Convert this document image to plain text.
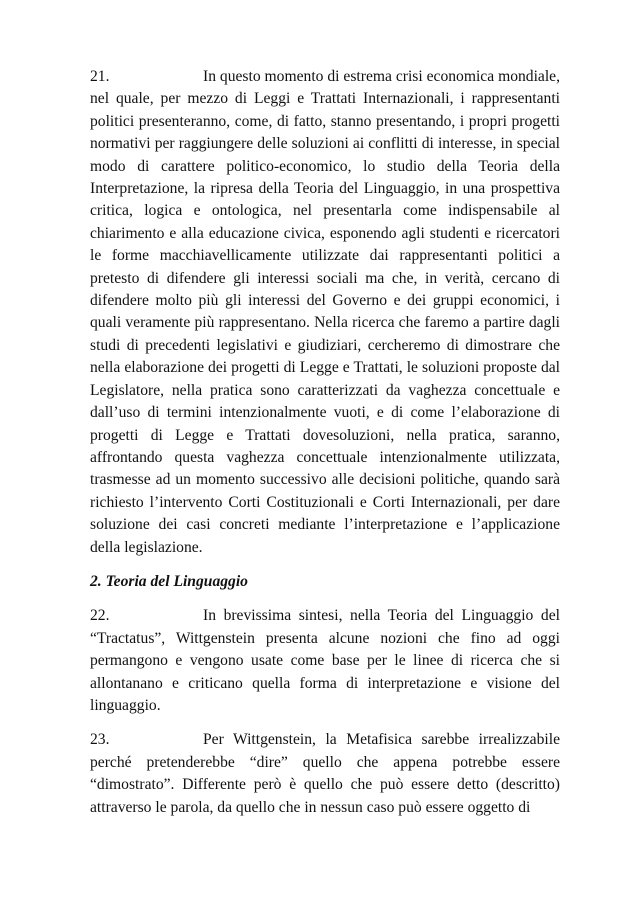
21.	In questo momento di estrema crisi economica mondiale, nel quale, per mezzo di Leggi e Trattati Internazionali, i rappresentanti politici presenteranno, come, di fatto, stanno presentando, i propri progetti normativi per raggiungere delle soluzioni ai conflitti di interesse, in special modo di carattere politico-economico, lo studio della Teoria della Interpretazione, la ripresa della Teoria del Linguaggio, in una prospettiva critica, logica e ontologica, nel presentarla come indispensabile al chiarimento e alla educazione civica, esponendo agli studenti e ricercatori le forme macchiavellicamente utilizzate dai rappresentanti politici a pretesto di difendere gli interessi sociali ma che, in verità, cercano di difendere molto più gli interessi del Governo e dei gruppi economici, i quali veramente più rappresentano. Nella ricerca che faremo a partire dagli studi di precedenti legislativi e giudiziari, cercheremo di dimostrare che nella elaborazione dei progetti di Legge e Trattati, le soluzioni proposte dal Legislatore, nella pratica sono caratterizzati da vaghezza concettuale e dall’uso di termini intenzionalmente vuoti, e di come l’elaborazione di progetti di Legge e Trattati dovesoluzioni, nella pratica, saranno, affrontando questa vaghezza concettuale intenzionalmente utilizzata, trasmesse ad un momento successivo alle decisioni politiche, quando sarà richiesto l’intervento Corti Costituzionali e Corti Internazionali, per dare soluzione dei casi concreti mediante l’interpretazione e l’applicazione della legislazione.

2. Teoria del Linguaggio

22.	In brevissima sintesi, nella Teoria del Linguaggio del “Tractatus”, Wittgenstein presenta alcune nozioni che fino ad oggi permangono e vengono usate come base per le linee di ricerca che si allontanano e criticano quella forma di interpretazione e visione del linguaggio.

23.	Per Wittgenstein, la Metafisica sarebbe irrealizzabile perché pretenderebbe “dire” quello che appena potrebbe essere “dimostrato”. Differente però è quello che può essere detto (descritto) attraverso le parola, da quello che in nessun caso può essere oggetto di
